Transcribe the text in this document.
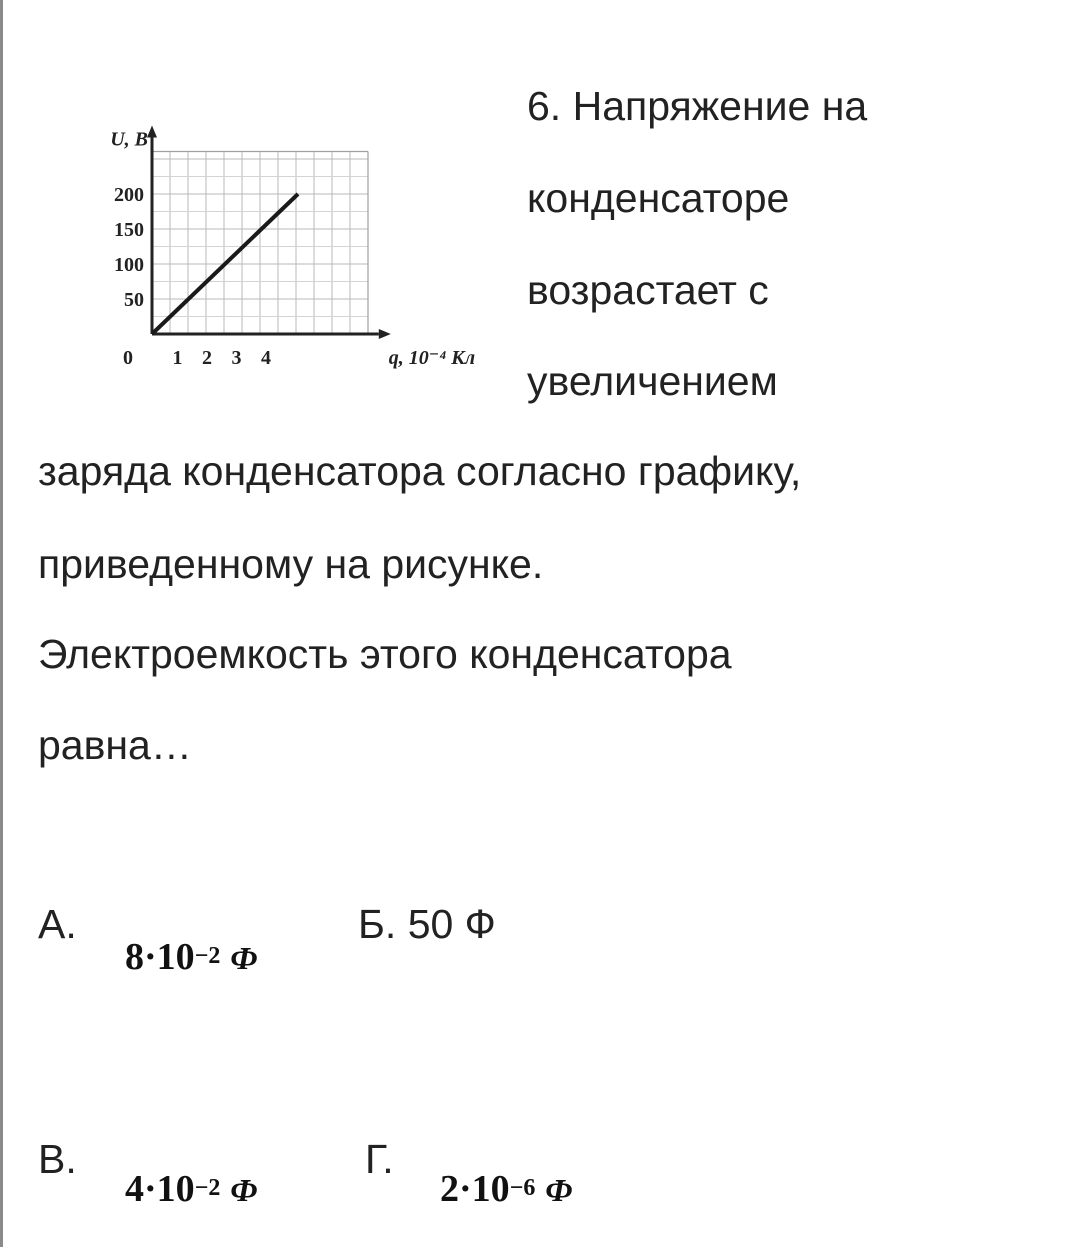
U, В
q, 10⁻⁴ Кл
0 1 2 3 4
50
100
150
200
6. Напряжение на
конденсаторе
возрастает с
увеличением
заряда конденсатора согласно графику,
приведенному на рисунке.
Электроемкость этого конденсатора
равна…
А.
$8\cdot 10^{-2}$ Ф
Б. 50 Ф
В.
$4\cdot 10^{-2}$ Ф
Г.
$2\cdot 10^{-6}$ Ф
